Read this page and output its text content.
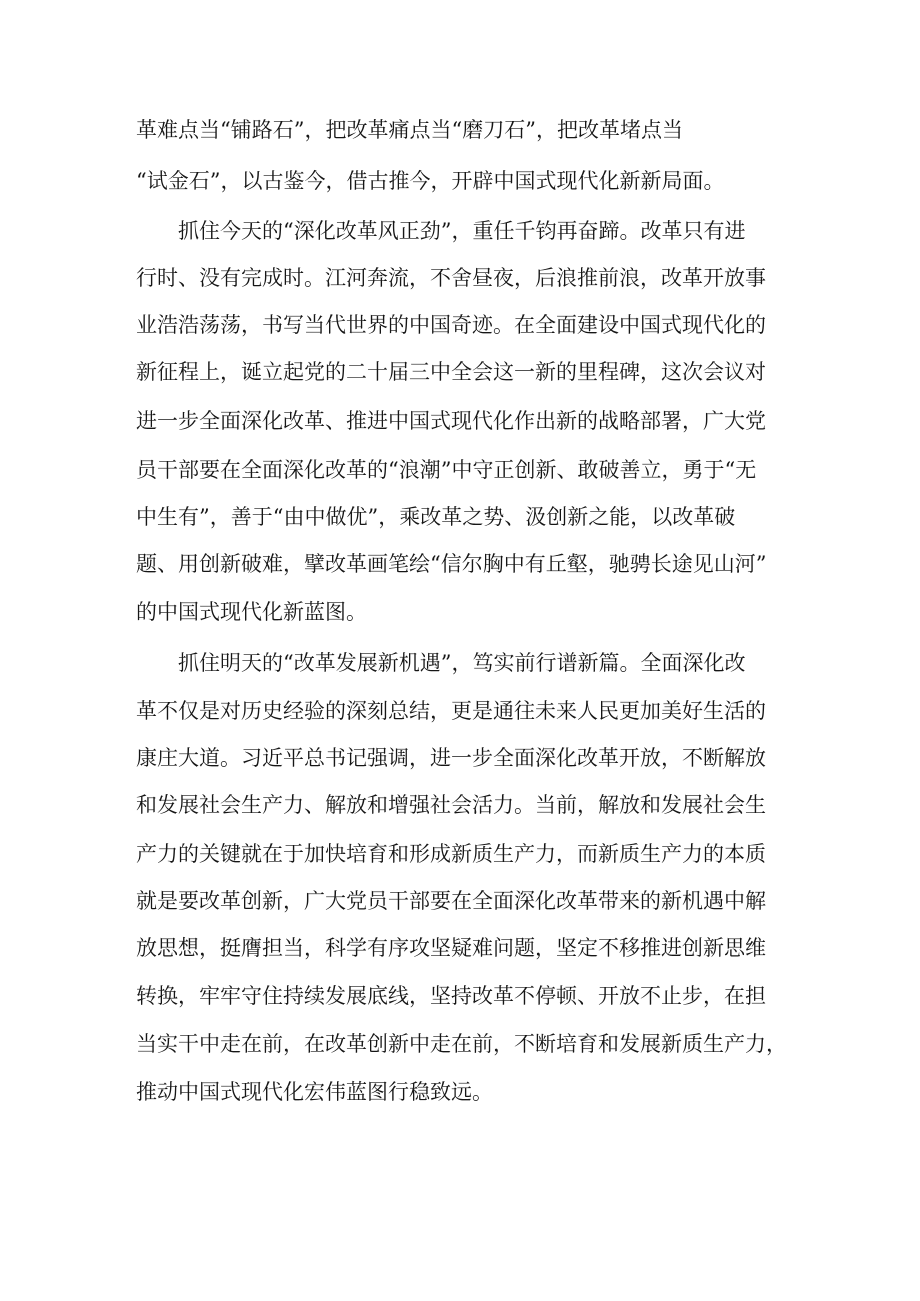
革难点当“铺路石”，把改革痛点当“磨刀石”，把改革堵点当

“试金石”，以古鉴今，借古推今，开辟中国式现代化新新局面。

抓住今天的“深化改革风正劲”，重任千钧再奋蹄。改革只有进

行时、没有完成时。江河奔流，不舍昼夜，后浪推前浪，改革开放事

业浩浩荡荡，书写当代世界的中国奇迹。在全面建设中国式现代化的

新征程上，诞立起党的二十届三中全会这一新的里程碑，这次会议对

进一步全面深化改革、推进中国式现代化作出新的战略部署，广大党

员干部要在全面深化改革的“浪潮”中守正创新、敢破善立，勇于“无

中生有”，善于“由中做优”，乘改革之势、汲创新之能，以改革破

题、用创新破难，擘改革画笔绘“信尔胸中有丘壑，驰骋长途见山河”

的中国式现代化新蓝图。

抓住明天的“改革发展新机遇”，笃实前行谱新篇。全面深化改

革不仅是对历史经验的深刻总结，更是通往未来人民更加美好生活的

康庄大道。习近平总书记强调，进一步全面深化改革开放，不断解放

和发展社会生产力、解放和增强社会活力。当前，解放和发展社会生

产力的关键就在于加快培育和形成新质生产力，而新质生产力的本质

就是要改革创新，广大党员干部要在全面深化改革带来的新机遇中解

放思想，挺膺担当，科学有序攻坚疑难问题，坚定不移推进创新思维

转换，牢牢守住持续发展底线，坚持改革不停顿、开放不止步，在担

当实干中走在前，在改革创新中走在前，不断培育和发展新质生产力，

推动中国式现代化宏伟蓝图行稳致远。
